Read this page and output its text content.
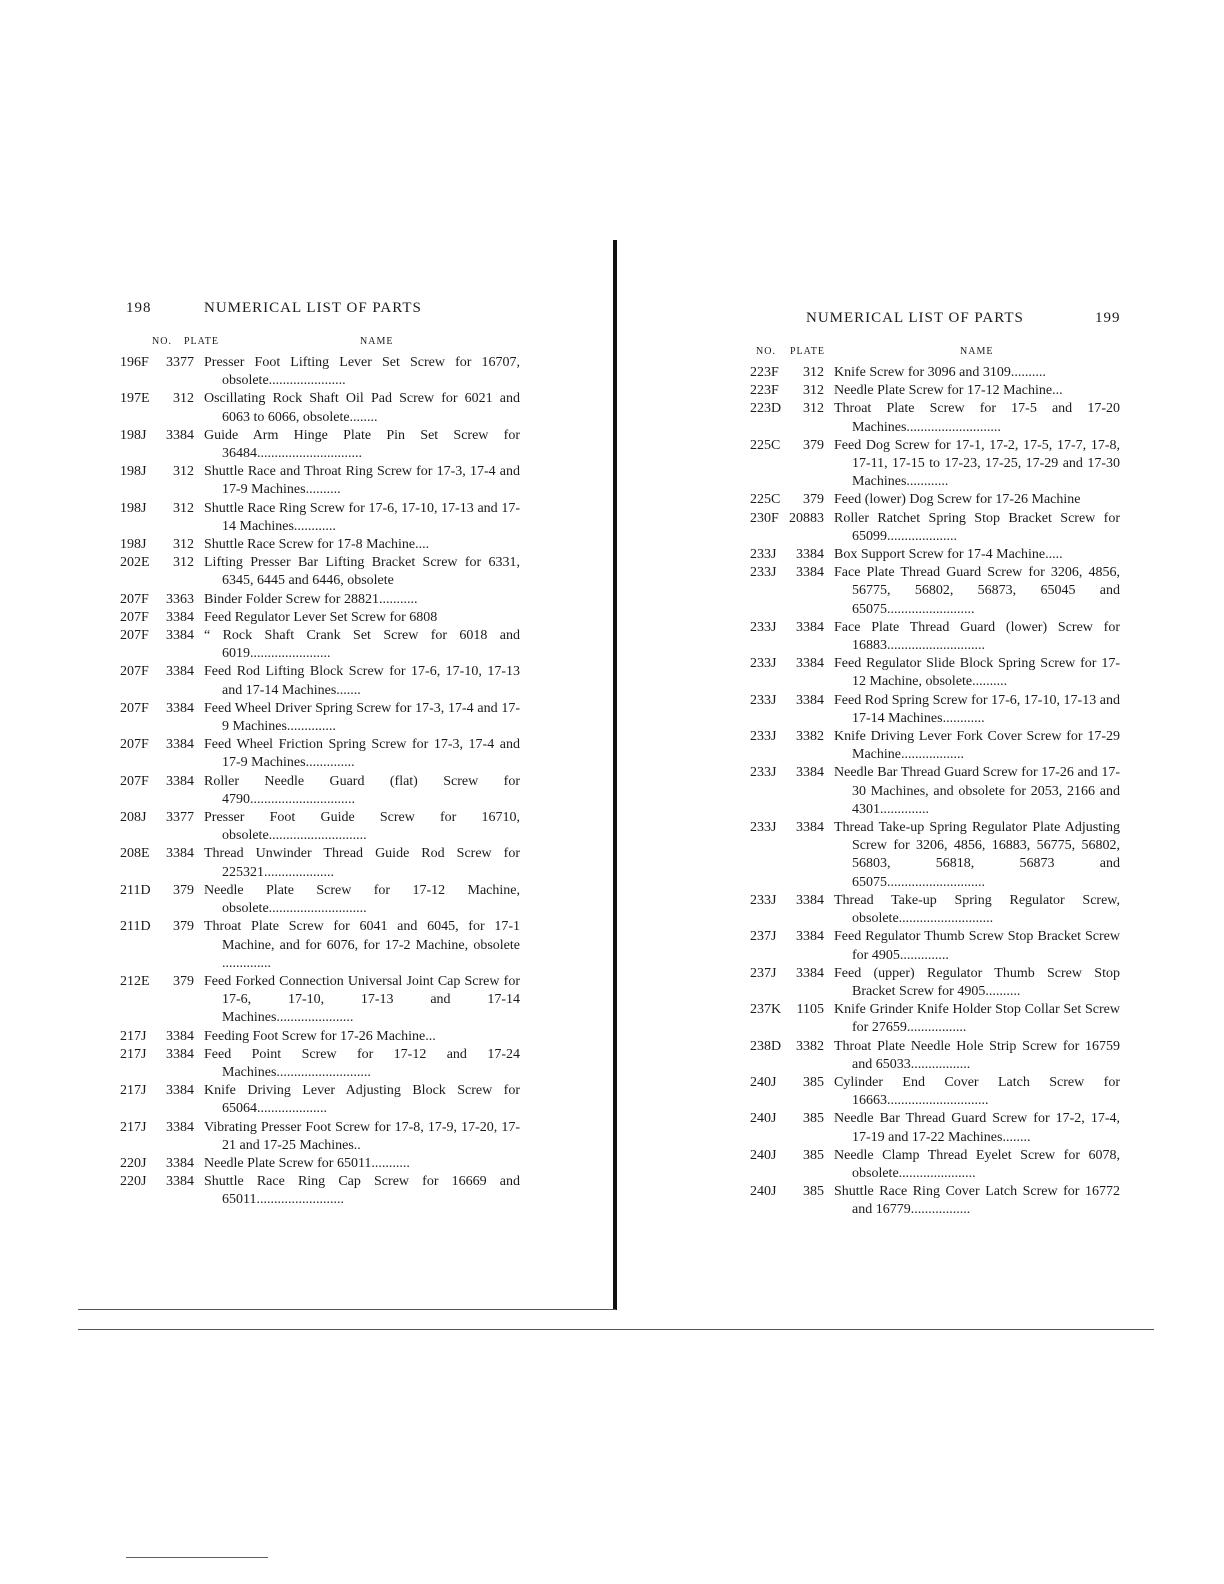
198	NUMERICAL LIST OF PARTS
NO. PLATE	NAME
196F	3377 Presser Foot Lifting Lever Set Screw for 16707, obsolete......................
197E	312 Oscillating Rock Shaft Oil Pad Screw for 6021 and 6063 to 6066, obsolete........
198J	3384 Guide Arm Hinge Plate Pin Set Screw for 36484..............................
198J	312 Shuttle Race and Throat Ring Screw for 17-3, 17-4 and 17-9 Machines..........
198J	312 Shuttle Race Ring Screw for 17-6, 17-10, 17-13 and 17-14 Machines............
198J	312 Shuttle Race Screw for 17-8 Machine....
202E	312 Lifting Presser Bar Lifting Bracket Screw for 6331, 6345, 6445 and 6446, obsolete
207F	3363 Binder Folder Screw for 28821...........
207F	3384 Feed Regulator Lever Set Screw for 6808
207F	3384 “ Rock Shaft Crank Set Screw for 6018 and 6019.......................
207F	3384 Feed Rod Lifting Block Screw for 17-6, 17-10, 17-13 and 17-14 Machines.......
207F	3384 Feed Wheel Driver Spring Screw for 17-3, 17-4 and 17-9 Machines..............
207F	3384 Feed Wheel Friction Spring Screw for 17-3, 17-4 and 17-9 Machines..............
207F	3384 Roller Needle Guard (flat) Screw for 4790..............................
208J	3377 Presser Foot Guide Screw for 16710, obsolete............................
208E	3384 Thread Unwinder Thread Guide Rod Screw for 225321....................
211D	379 Needle Plate Screw for 17-12 Machine, obsolete............................
211D	379 Throat Plate Screw for 6041 and 6045, for 17-1 Machine, and for 6076, for 17-2 Machine, obsolete ..............
212E	379 Feed Forked Connection Universal Joint Cap Screw for 17-6, 17-10, 17-13 and 17-14 Machines......................
217J	3384 Feeding Foot Screw for 17-26 Machine...
217J	3384 Feed Point Screw for 17-12 and 17-24 Machines...........................
217J	3384 Knife Driving Lever Adjusting Block Screw for 65064....................
217J	3384 Vibrating Presser Foot Screw for 17-8, 17-9, 17-20, 17-21 and 17-25 Machines..
220J	3384 Needle Plate Screw for 65011...........
220J	3384 Shuttle Race Ring Cap Screw for 16669 and 65011.........................
NUMERICAL LIST OF PARTS	199
NO. PLATE	NAME
223F	312 Knife Screw for 3096 and 3109..........
223F	312 Needle Plate Screw for 17-12 Machine...
223D	312 Throat Plate Screw for 17-5 and 17-20 Machines...........................
225C	379 Feed Dog Screw for 17-1, 17-2, 17-5, 17-7, 17-8, 17-11, 17-15 to 17-23, 17-25, 17-29 and 17-30 Machines............
225C	379 Feed (lower) Dog Screw for 17-26 Machine
230F 20883 Roller Ratchet Spring Stop Bracket Screw for 65099....................
233J	3384 Box Support Screw for 17-4 Machine.....
233J	3384 Face Plate Thread Guard Screw for 3206, 4856, 56775, 56802, 56873, 65045 and 65075.........................
233J	3384 Face Plate Thread Guard (lower) Screw for 16883............................
233J	3384 Feed Regulator Slide Block Spring Screw for 17-12 Machine, obsolete..........
233J	3384 Feed Rod Spring Screw for 17-6, 17-10, 17-13 and 17-14 Machines............
233J	3382 Knife Driving Lever Fork Cover Screw for 17-29 Machine..................
233J	3384 Needle Bar Thread Guard Screw for 17-26 and 17-30 Machines, and obsolete for 2053, 2166 and 4301..............
233J	3384 Thread Take-up Spring Regulator Plate Adjusting Screw for 3206, 4856, 16883, 56775, 56802, 56803, 56818, 56873 and 65075............................
233J	3384 Thread Take-up Spring Regulator Screw, obsolete...........................
237J	3384 Feed Regulator Thumb Screw Stop Bracket Screw for 4905..............
237J	3384 Feed (upper) Regulator Thumb Screw Stop Bracket Screw for 4905..........
237K	1105 Knife Grinder Knife Holder Stop Collar Set Screw for 27659.................
238D	3382 Throat Plate Needle Hole Strip Screw for 16759 and 65033.................
240J	385 Cylinder End Cover Latch Screw for 16663.............................
240J	385 Needle Bar Thread Guard Screw for 17-2, 17-4, 17-19 and 17-22 Machines........
240J	385 Needle Clamp Thread Eyelet Screw for 6078, obsolete......................
240J	385 Shuttle Race Ring Cover Latch Screw for 16772 and 16779.................
